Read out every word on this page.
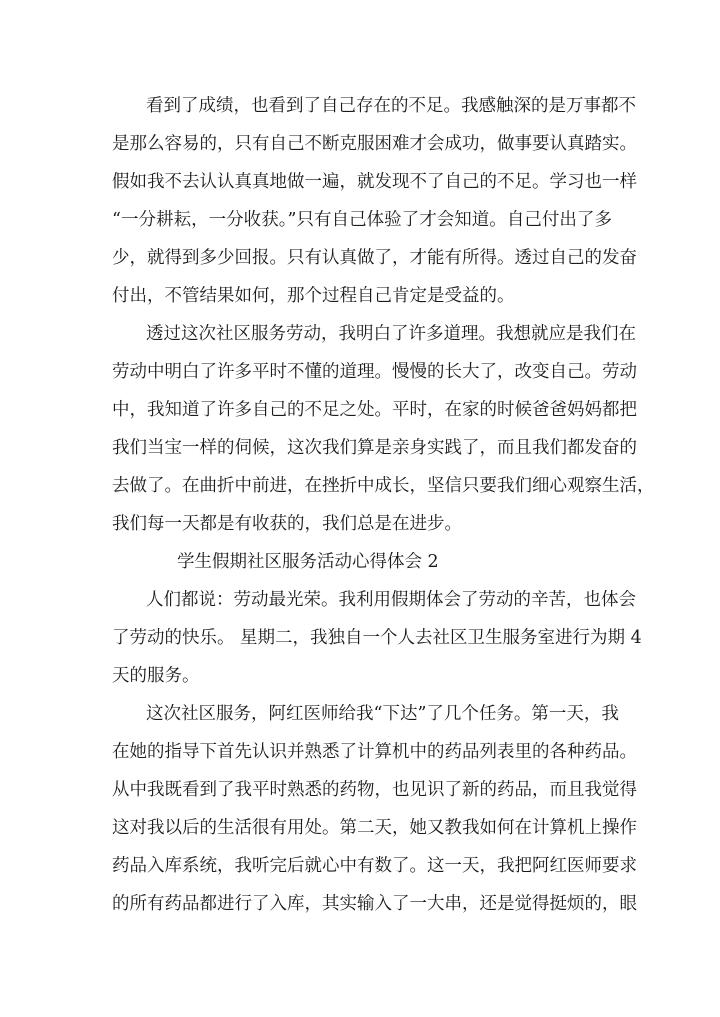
看到了成绩，也看到了自己存在的不足。我感触深的是万事都不
是那么容易的，只有自己不断克服困难才会成功，做事要认真踏实。
假如我不去认认真真地做一遍，就发现不了自己的不足。学习也一样
“一分耕耘，一分收获。”只有自己体验了才会知道。自己付出了多
少，就得到多少回报。只有认真做了，才能有所得。透过自己的发奋
付出，不管结果如何，那个过程自己肯定是受益的。
透过这次社区服务劳动，我明白了许多道理。我想就应是我们在
劳动中明白了许多平时不懂的道理。慢慢的长大了，改变自己。劳动
中，我知道了许多自己的不足之处。平时，在家的时候爸爸妈妈都把
我们当宝一样的伺候，这次我们算是亲身实践了，而且我们都发奋的
去做了。在曲折中前进，在挫折中成长，坚信只要我们细心观察生活，
我们每一天都是有收获的，我们总是在进步。
学生假期社区服务活动心得体会 2
人们都说：劳动最光荣。我利用假期体会了劳动的辛苦，也体会
了劳动的快乐。 星期二，我独自一个人去社区卫生服务室进行为期 4
天的服务。
这次社区服务，阿红医师给我“下达”了几个任务。第一天，我
在她的指导下首先认识并熟悉了计算机中的药品列表里的各种药品。
从中我既看到了我平时熟悉的药物，也见识了新的药品，而且我觉得
这对我以后的生活很有用处。第二天，她又教我如何在计算机上操作
药品入库系统，我听完后就心中有数了。这一天，我把阿红医师要求
的所有药品都进行了入库，其实输入了一大串，还是觉得挺烦的，眼
